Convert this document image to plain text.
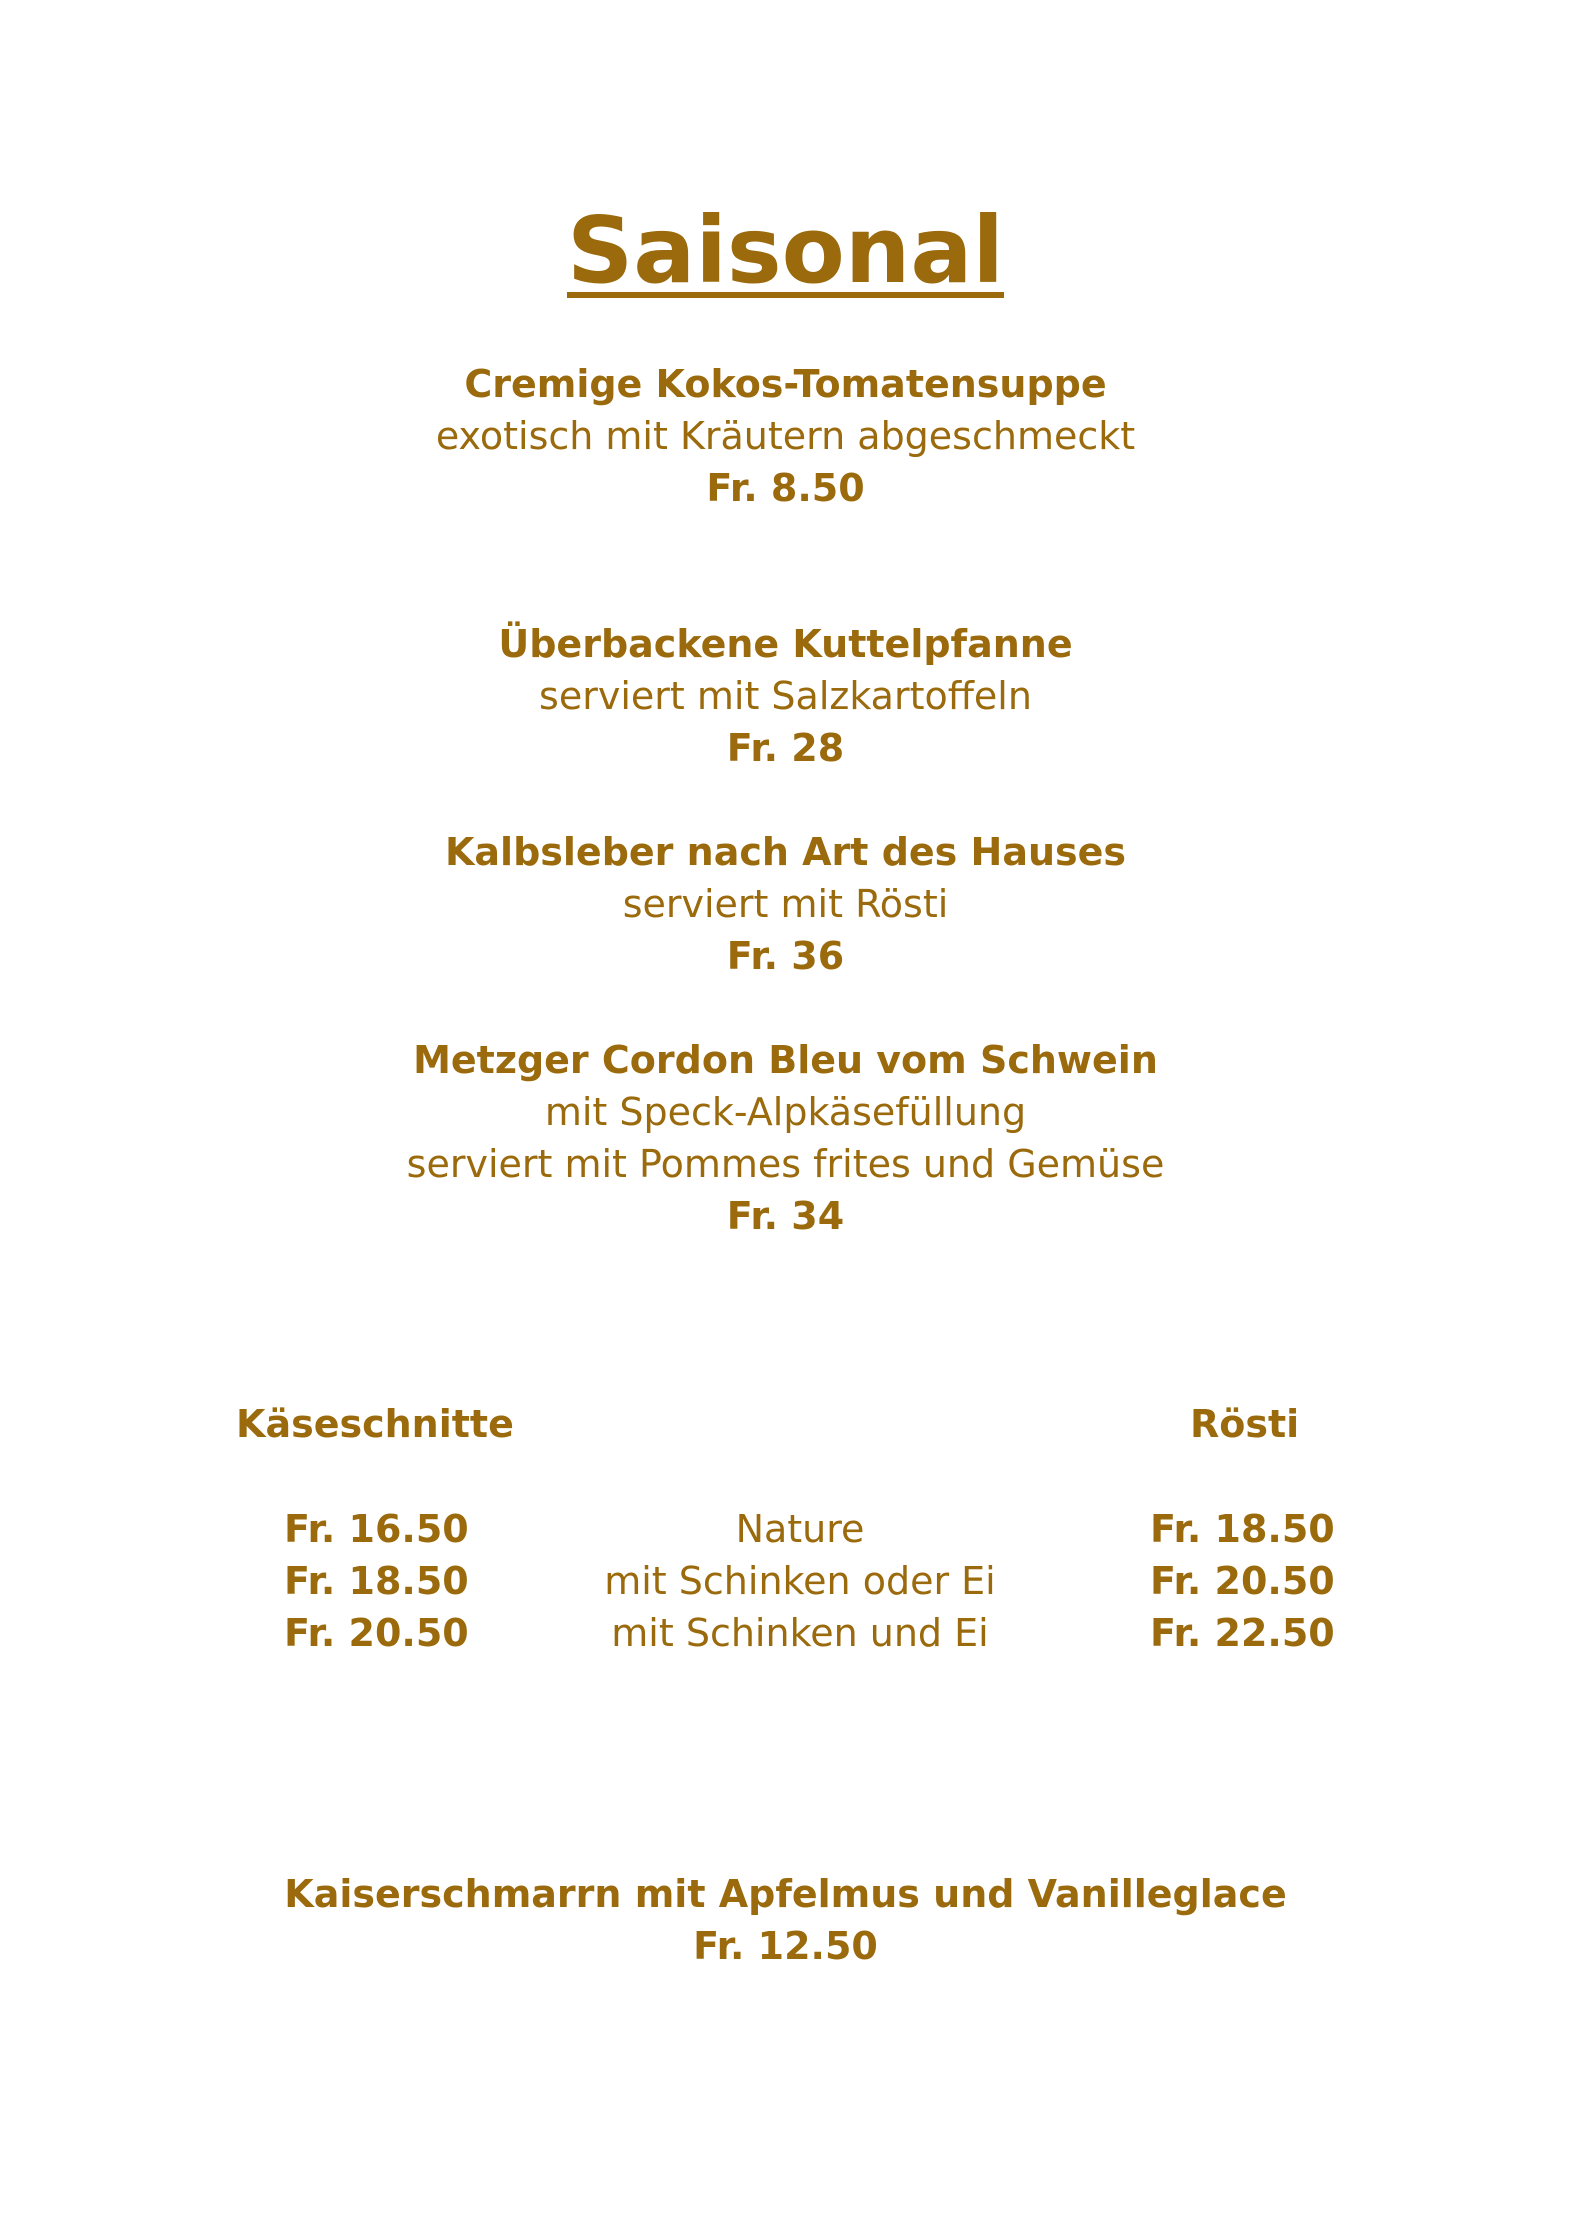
Saisonal
Cremige Kokos-Tomatensuppe
exotisch mit Kräutern abgeschmeckt
Fr. 8.50
Überbackene Kuttelpfanne
serviert mit Salzkartoffeln
Fr. 28
Kalbsleber nach Art des Hauses
serviert mit Rösti
Fr. 36
Metzger Cordon Bleu vom Schwein
mit Speck-Alpkäsefüllung
serviert mit Pommes frites und Gemüse
Fr. 34
Käseschnitte	Rösti
Fr. 16.50	Nature	Fr. 18.50
Fr. 18.50	mit Schinken oder Ei	Fr. 20.50
Fr. 20.50	mit Schinken und Ei	Fr. 22.50
Kaiserschmarrn mit Apfelmus und Vanilleglace
Fr. 12.50
